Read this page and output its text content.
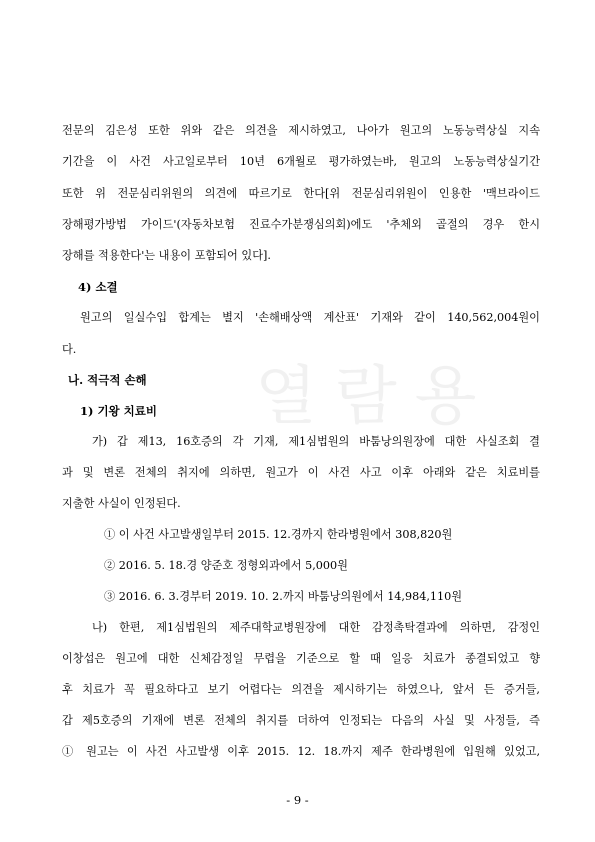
열람용
전문의 김은성 또한 위와 같은 의견을 제시하였고, 나아가 원고의 노동능력상실 지속
기간을 이 사건 사고일로부터 10년 6개월로 평가하였는바, 원고의 노동능력상실기간
또한 위 전문심리위원의 의견에 따르기로 한다[위 전문심리위원이 인용한 '맥브라이드
장해평가방법 가이드'(자동차보험 진료수가분쟁심의회)에도 '추체외 골절의 경우 한시
장해를 적용한다'는 내용이 포함되어 있다].
4) 소결
원고의 일실수입 합계는 별지 '손해배상액 계산표' 기재와 같이 140,562,004원이
다.
나. 적극적 손해
1) 기왕 치료비
가) 갑 제13, 16호증의 각 기재, 제1심법원의 바툼낭의원장에 대한 사실조회 결
과 및 변론 전체의 취지에 의하면, 원고가 이 사건 사고 이후 아래와 같은 치료비를
지출한 사실이 인정된다.
① 이 사건 사고발생일부터 2015. 12.경까지 한라병원에서 308,820원
② 2016. 5. 18.경 양준호 정형외과에서 5,000원
③ 2016. 6. 3.경부터 2019. 10. 2.까지 바툼낭의원에서 14,984,110원
나) 한편, 제1심법원의 제주대학교병원장에 대한 감정촉탁결과에 의하면, 감정인
이창섭은 원고에 대한 신체감정일 무렵을 기준으로 할 때 일응 치료가 종결되었고 향
후 치료가 꼭 필요하다고 보기 어렵다는 의견을 제시하기는 하였으나, 앞서 든 증거들,
갑 제5호증의 기재에 변론 전체의 취지를 더하여 인정되는 다음의 사실 및 사정들, 즉
① 원고는 이 사건 사고발생 이후 2015. 12. 18.까지 제주 한라병원에 입원해 있었고,
- 9 -
